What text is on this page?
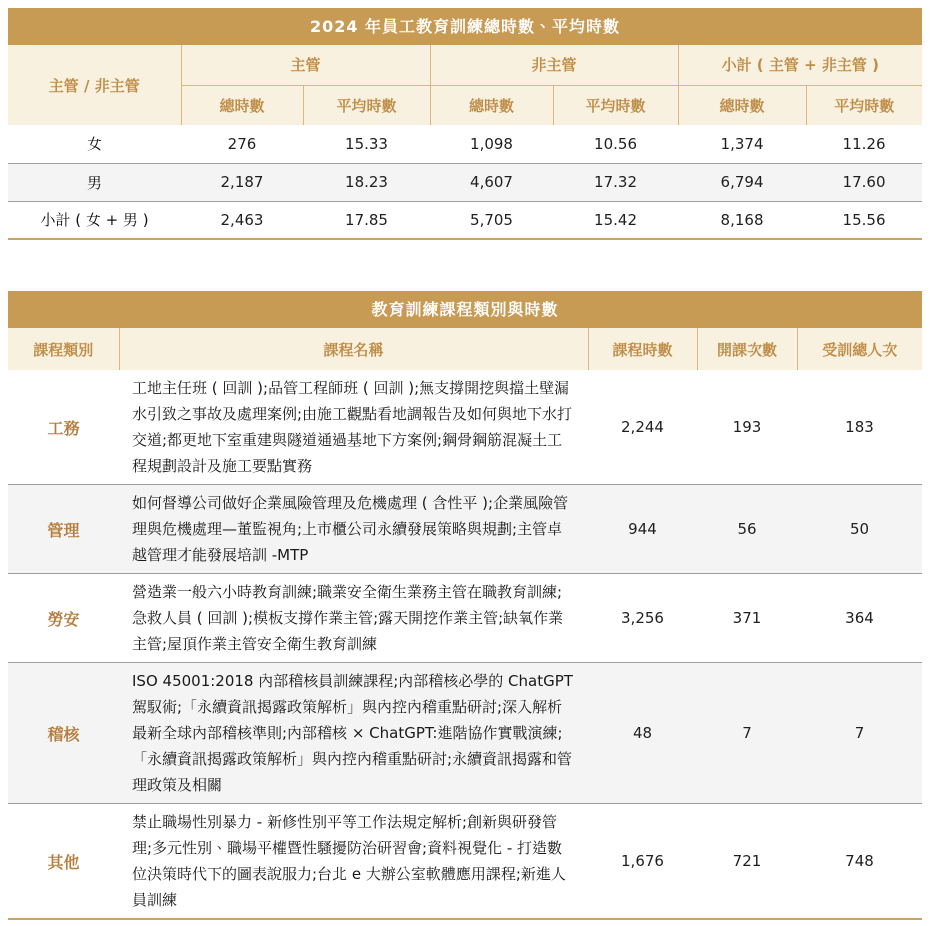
2024 年員工教育訓練總時數、平均時數
主管 / 非主管	主管		非主管		小計 ( 主管 + 非主管 )	
	總時數	平均時數	總時數	平均時數	總時數	平均時數
女	276	15.33	1,098	10.56	1,374	11.26
男	2,187	18.23	4,607	17.32	6,794	17.60
小計 ( 女 + 男 )	2,463	17.85	5,705	15.42	8,168	15.56
教育訓練課程類別與時數
課程類別	課程名稱	課程時數	開課次數	受訓總人次
工務	工地主任班 ( 回訓 );品管工程師班 ( 回訓 );無支撐開挖與擋土壁漏水引致之事故及處理案例;由施工觀點看地調報告及如何與地下水打交道;都更地下室重建與隧道通過基地下方案例;鋼骨鋼筋混凝土工程規劃設計及施工要點實務	2,244	193	183
管理	如何督導公司做好企業風險管理及危機處理 ( 含性平 );企業風險管理與危機處理—董監視角;上市櫃公司永續發展策略與規劃;主管卓越管理才能發展培訓 -MTP	944	56	50
勞安	營造業一般六小時教育訓練;職業安全衛生業務主管在職教育訓練;急救人員 ( 回訓 );模板支撐作業主管;露天開挖作業主管;缺氧作業主管;屋頂作業主管安全衛生教育訓練	3,256	371	364
稽核	ISO 45001:2018 內部稽核員訓練課程;內部稽核必學的 ChatGPT 駕馭術;「永續資訊揭露政策解析」與內控內稽重點研討;深入解析最新全球內部稽核準則;內部稽核 × ChatGPT:進階協作實戰演練;「永續資訊揭露政策解析」與內控內稽重點研討;永續資訊揭露和管理政策及相關	48	7	7
其他	禁止職場性別暴力 - 新修性別平等工作法規定解析;創新與研發管理;多元性別、職場平權暨性騷擾防治研習會;資料視覺化 - 打造數位決策時代下的圖表說服力;台北 e 大辦公室軟體應用課程;新進人員訓練	1,676	721	748
